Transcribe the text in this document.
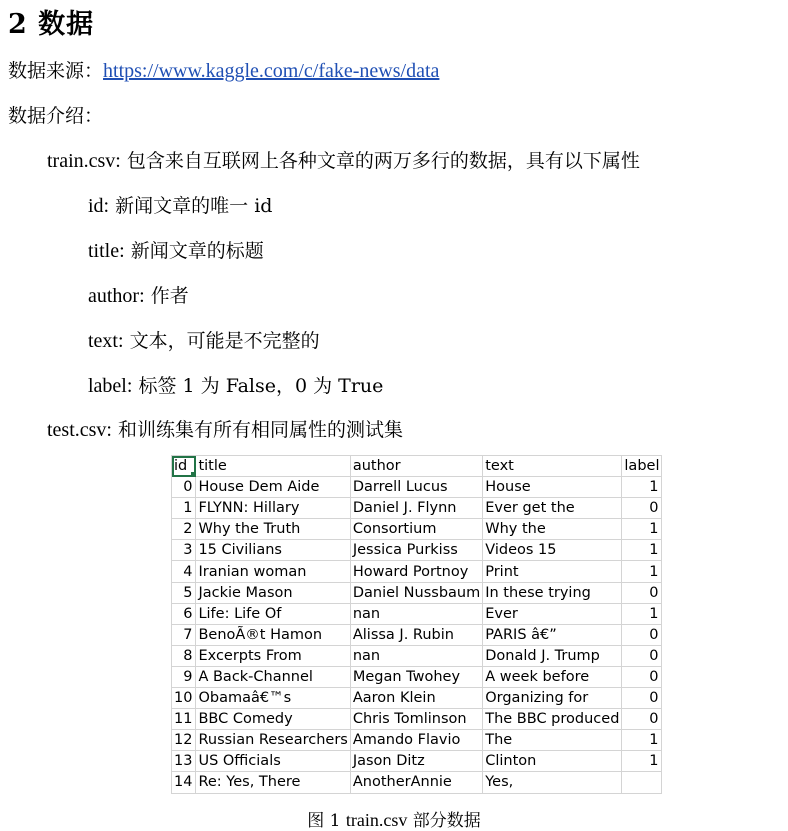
2 数据
数据来源：https://www.kaggle.com/c/fake-news/data
数据介绍：
train.csv: 包含来自互联网上各种文章的两万多行的数据，具有以下属性
id: 新闻文章的唯一 id
title: 新闻文章的标题
author: 作者
text: 文本，可能是不完整的
label: 标签 1 为 False，0 为 True
test.csv: 和训练集有所有相同属性的测试集
id	title	author	text	label
0	House Dem Aide	Darrell Lucus	House	1
1	FLYNN: Hillary	Daniel J. Flynn	Ever get the	0
2	Why the Truth	Consortium	Why the	1
3	15 Civilians	Jessica Purkiss	Videos 15	1
4	Iranian woman	Howard Portnoy	Print	1
5	Jackie Mason	Daniel Nussbaum	In these trying	0
6	Life: Life Of	nan	Ever	1
7	BenoÃ®t Hamon	Alissa J. Rubin	PARIS â€”	0
8	Excerpts From	nan	Donald J. Trump	0
9	A Back-Channel	Megan Twohey	A week before	0
10	Obamaâ€™s	Aaron Klein	Organizing for	0
11	BBC Comedy	Chris Tomlinson	The BBC produced	0
12	Russian Researchers	Amando Flavio	The	1
13	US Officials	Jason Ditz	Clinton	1
14	Re: Yes, There	AnotherAnnie	Yes,	
图 1 train.csv 部分数据
